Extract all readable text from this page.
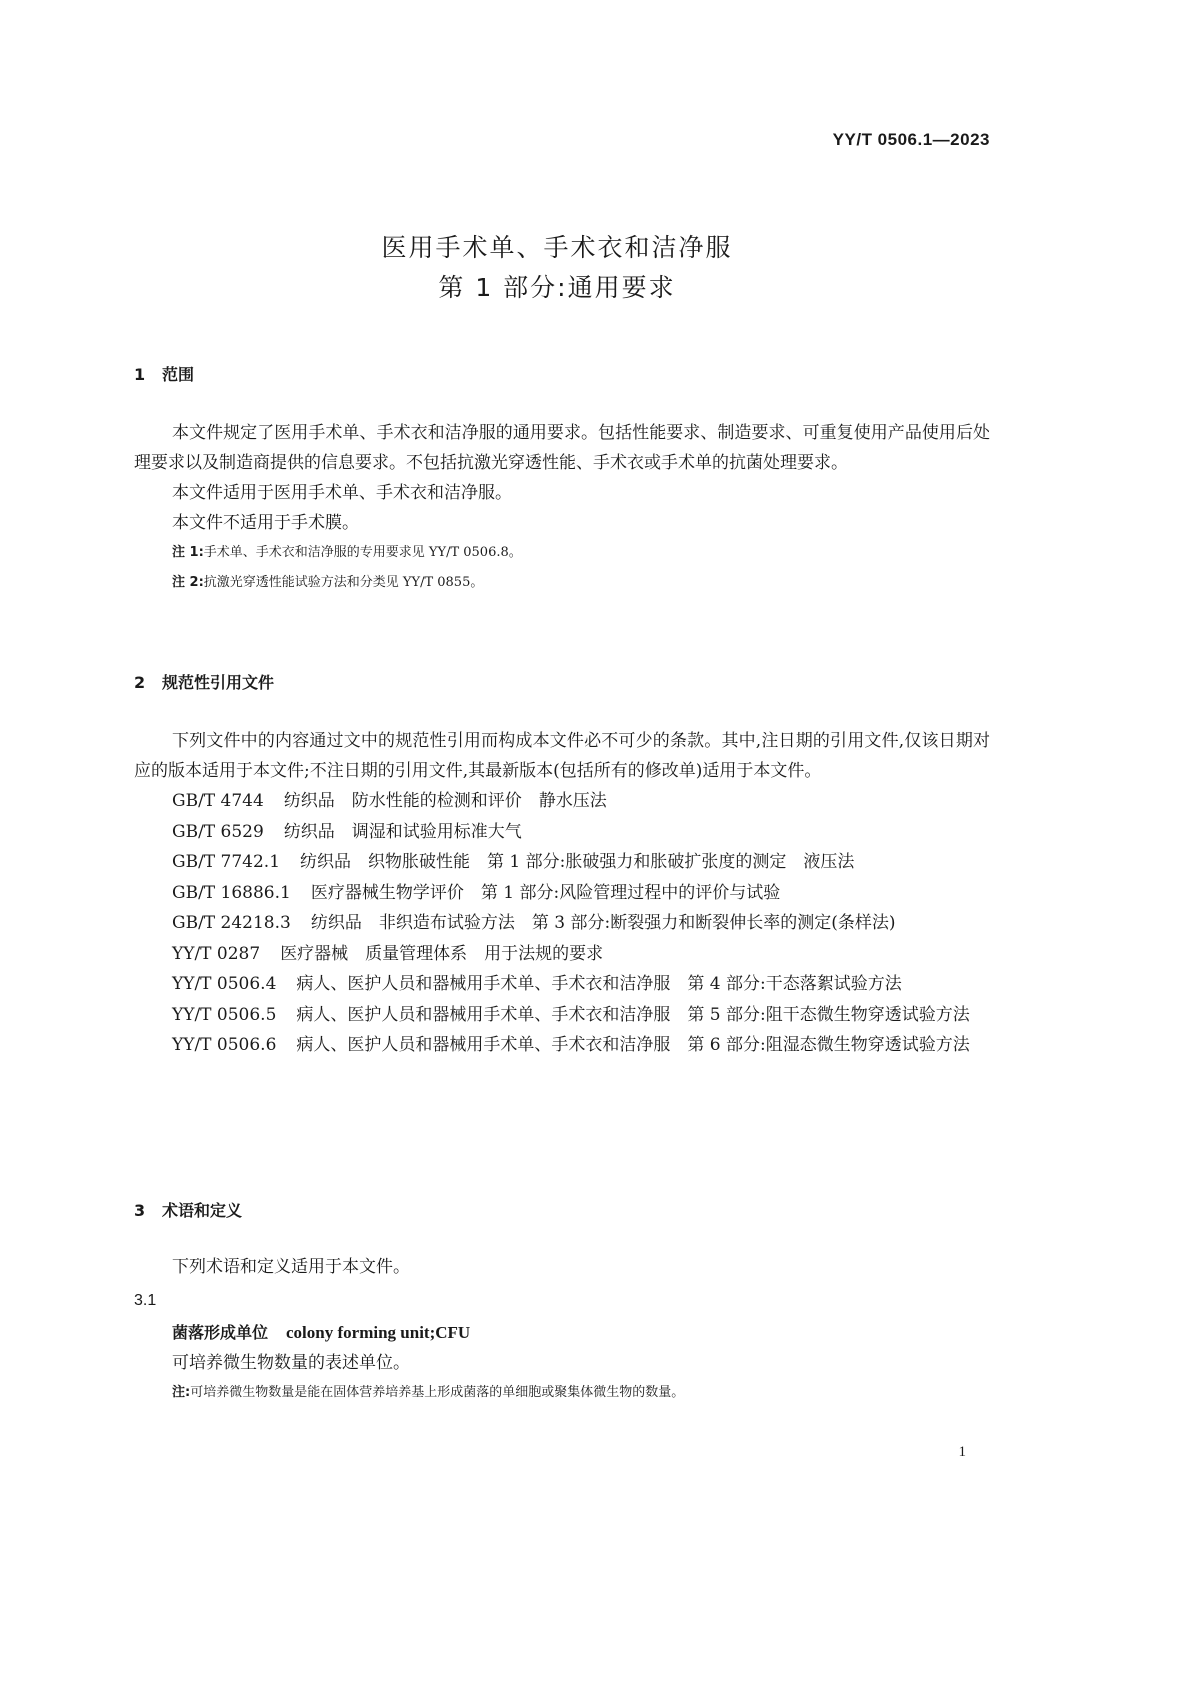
YY/T 0506.1—2023
医用手术单、手术衣和洁净服
第 1 部分:通用要求
1 范围

本文件规定了医用手术单、手术衣和洁净服的通用要求。包括性能要求、制造要求、可重复使用产品使用后处理要求以及制造商提供的信息要求。不包括抗激光穿透性能、手术衣或手术单的抗菌处理要求。

本文件适用于医用手术单、手术衣和洁净服。

本文件不适用于手术膜。

注 1:手术单、手术衣和洁净服的专用要求见 YY/T 0506.8。

注 2:抗激光穿透性能试验方法和分类见 YY/T 0855。

2 规范性引用文件

下列文件中的内容通过文中的规范性引用而构成本文件必不可少的条款。其中,注日期的引用文件,仅该日期对应的版本适用于本文件;不注日期的引用文件,其最新版本(包括所有的修改单)适用于本文件。

GB/T 4744 纺织品　防水性能的检测和评价　静水压法

GB/T 6529 纺织品　调湿和试验用标准大气

GB/T 7742.1 纺织品　织物胀破性能　第 1 部分:胀破强力和胀破扩张度的测定　液压法

GB/T 16886.1 医疗器械生物学评价　第 1 部分:风险管理过程中的评价与试验

GB/T 24218.3 纺织品　非织造布试验方法　第 3 部分:断裂强力和断裂伸长率的测定(条样法)

YY/T 0287 医疗器械　质量管理体系　用于法规的要求

YY/T 0506.4 病人、医护人员和器械用手术单、手术衣和洁净服　第 4 部分:干态落絮试验方法

YY/T 0506.5 病人、医护人员和器械用手术单、手术衣和洁净服　第 5 部分:阻干态微生物穿透试验方法

YY/T 0506.6 病人、医护人员和器械用手术单、手术衣和洁净服　第 6 部分:阻湿态微生物穿透试验方法

3 术语和定义

下列术语和定义适用于本文件。

3.1
菌落形成单位 colony forming unit;CFU

可培养微生物数量的表述单位。

注:可培养微生物数量是能在固体营养培养基上形成菌落的单细胞或聚集体微生物的数量。

1
